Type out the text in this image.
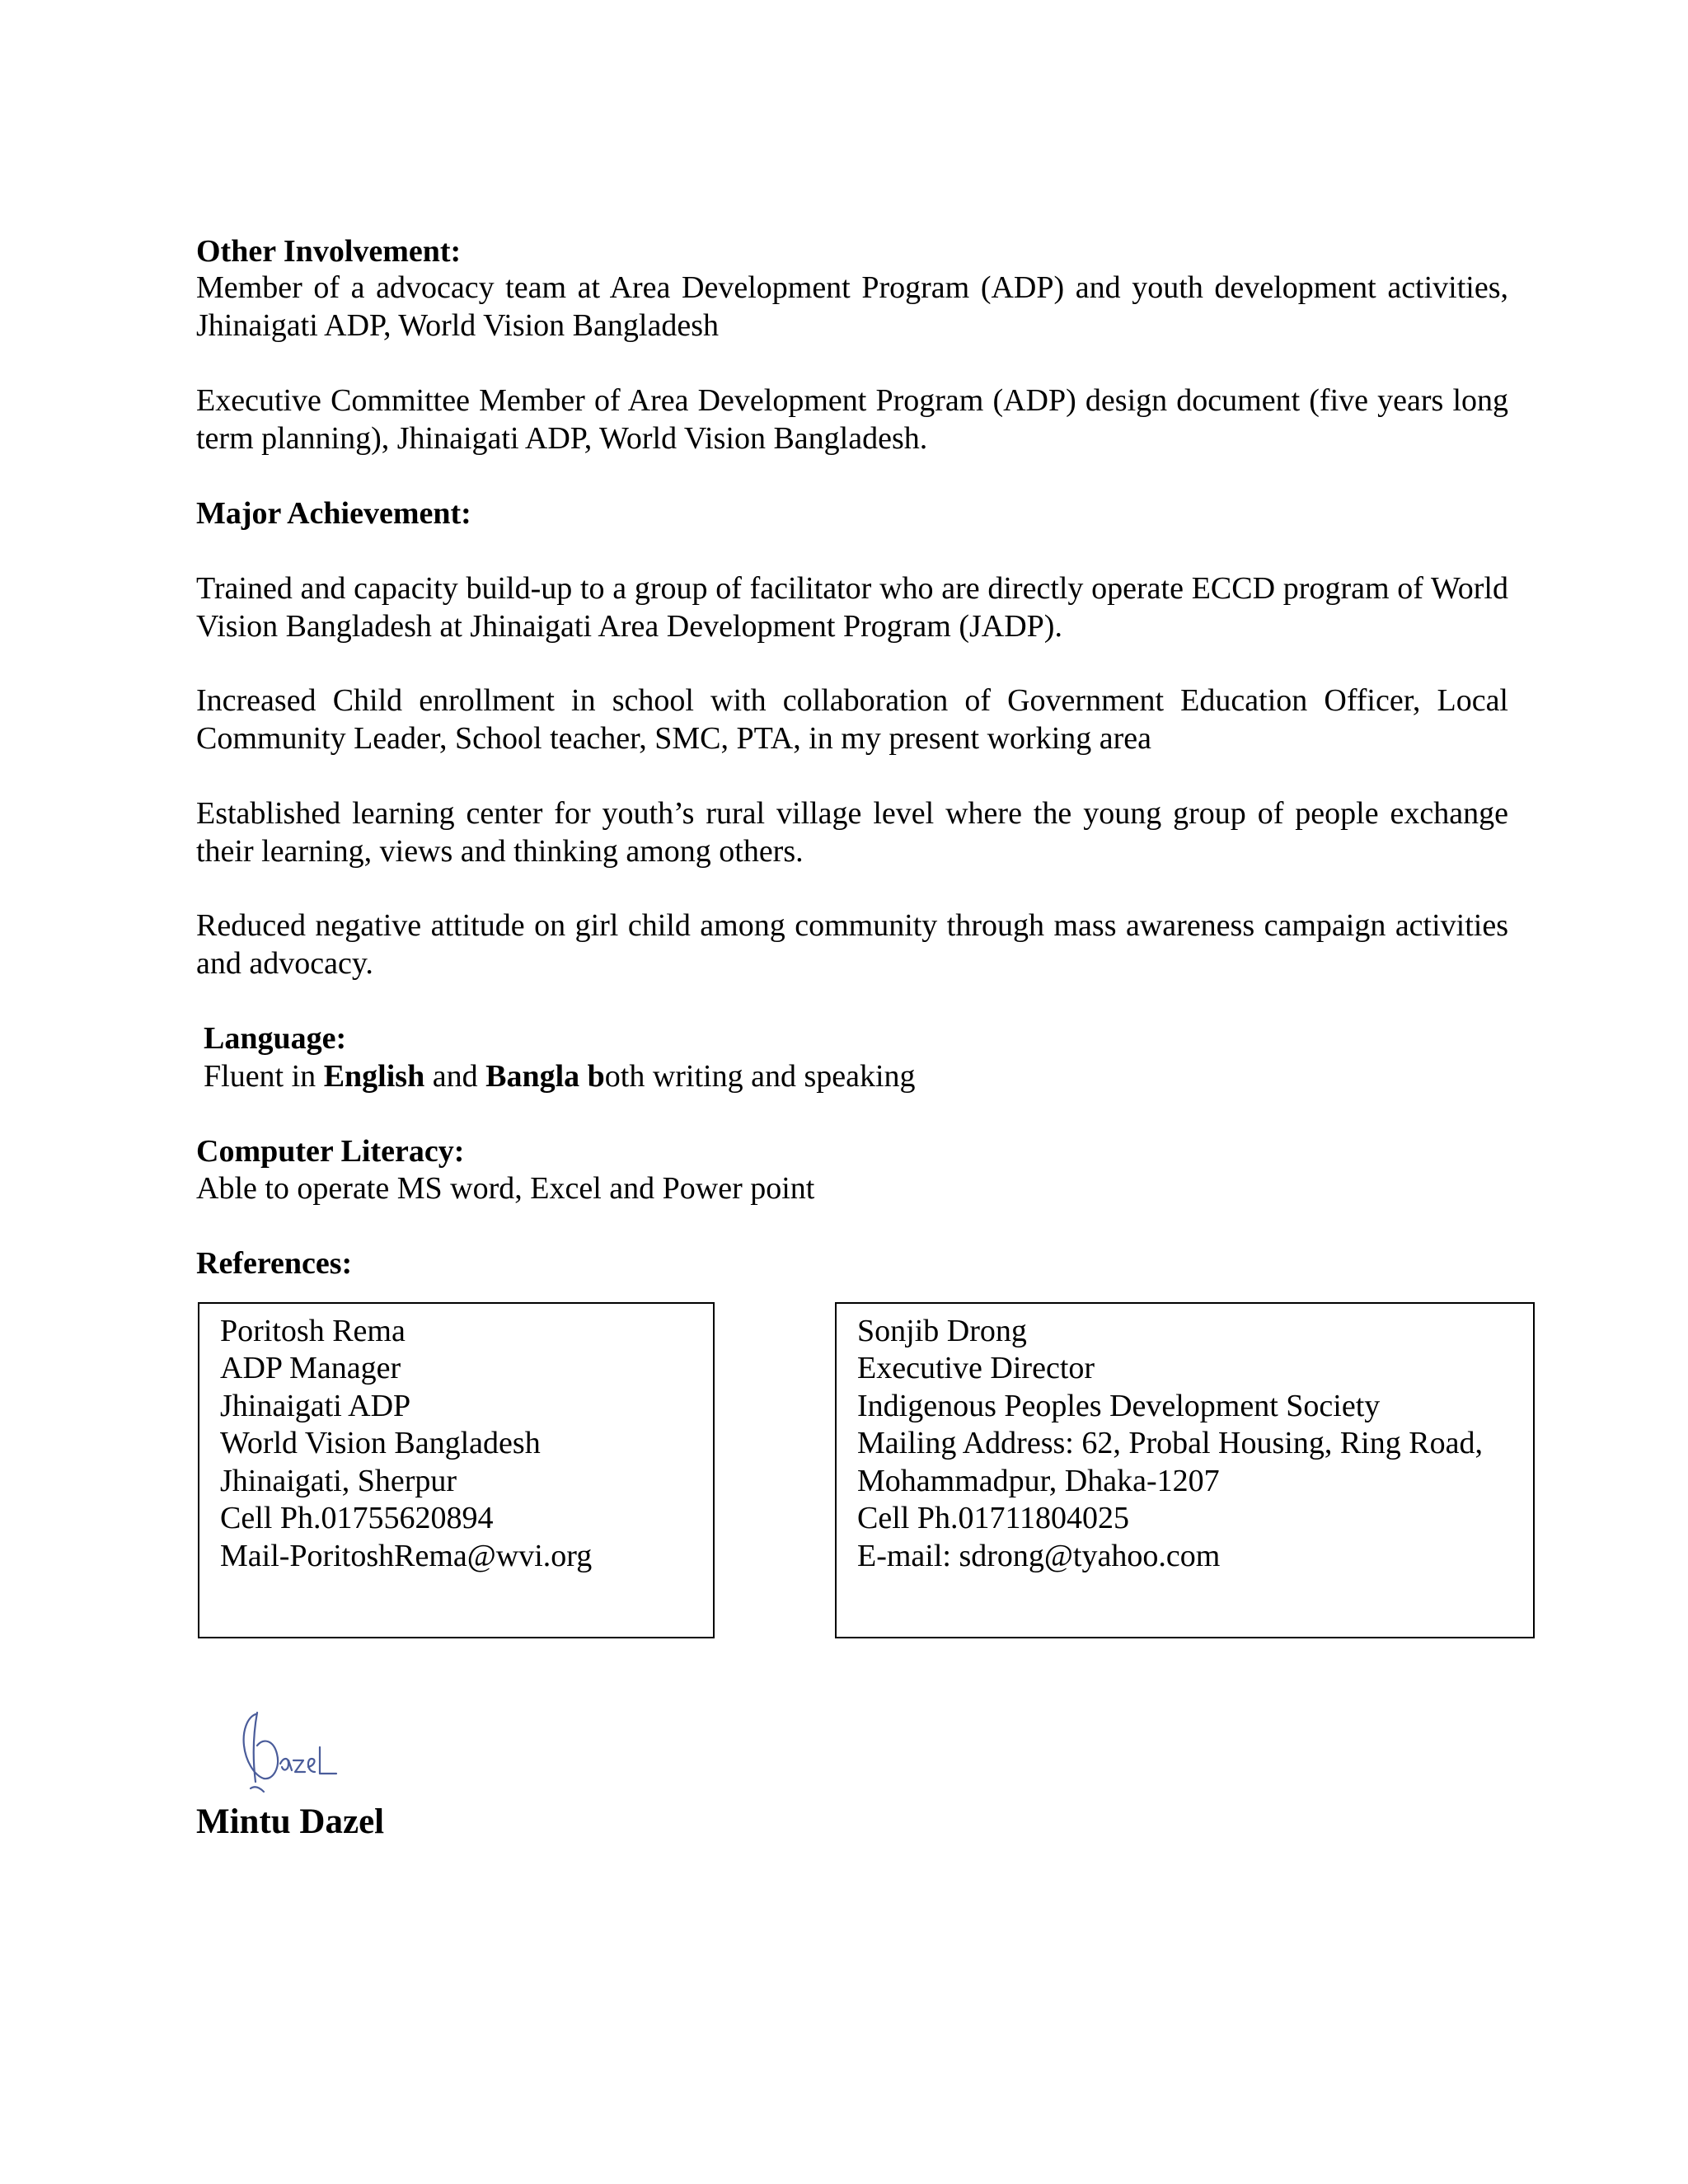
Other Involvement:
Member of a advocacy team at Area Development Program (ADP) and youth development activities, Jhinaigati ADP, World Vision Bangladesh
Executive Committee Member of Area Development Program (ADP) design document (five years long term planning), Jhinaigati ADP, World Vision Bangladesh.
Major Achievement:
Trained and capacity build-up to a group of facilitator who are directly operate ECCD program of World Vision Bangladesh at Jhinaigati Area Development Program (JADP).
Increased Child enrollment in school with collaboration of Government Education Officer, Local Community Leader, School teacher, SMC, PTA, in my present working area
Established learning center for youth’s rural village level where the young group of people exchange their learning, views and thinking among others.
Reduced negative attitude on girl child among community through mass awareness campaign activities and advocacy.
Language:
Fluent in English and Bangla both writing and speaking
Computer Literacy:
Able to operate MS word, Excel and Power point
References:
Poritosh Rema
ADP Manager
Jhinaigati ADP
World Vision Bangladesh
Jhinaigati, Sherpur
Cell Ph.01755620894
Mail-PoritoshRema@wvi.org
Sonjib Drong
Executive Director
Indigenous Peoples Development Society
Mailing Address: 62, Probal Housing, Ring Road,
Mohammadpur, Dhaka-1207
Cell Ph.01711804025
E-mail: sdrong@tyahoo.com
Mintu Dazel
